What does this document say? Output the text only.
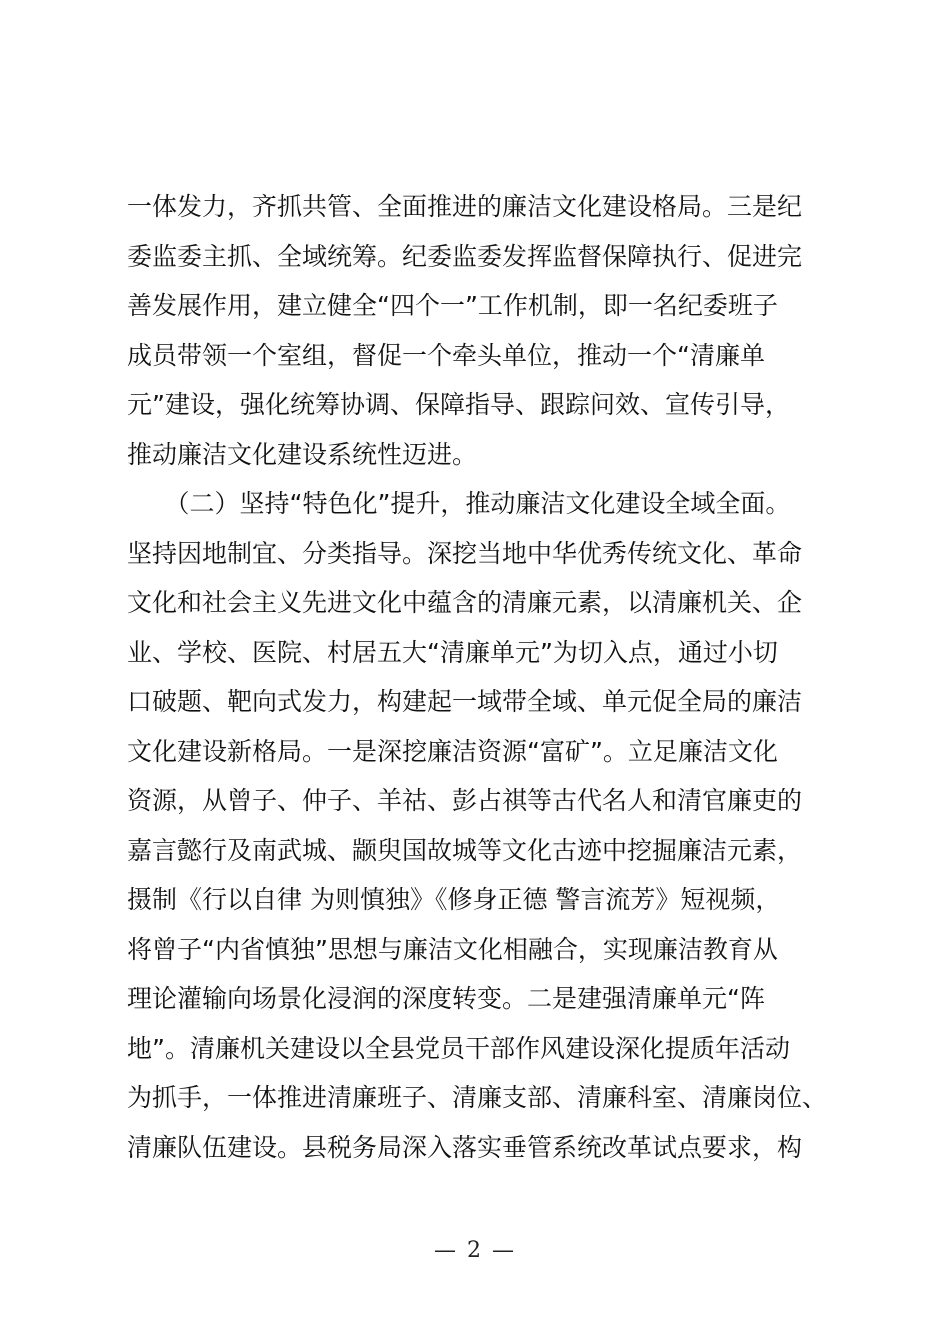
一体发力，齐抓共管、全面推进的廉洁文化建设格局。三是纪
委监委主抓、全域统筹。纪委监委发挥监督保障执行、促进完
善发展作用，建立健全“四个一”工作机制，即一名纪委班子
成员带领一个室组，督促一个牵头单位，推动一个“清廉单
元”建设，强化统筹协调、保障指导、跟踪问效、宣传引导，
推动廉洁文化建设系统性迈进。
　　（二）坚持“特色化”提升，推动廉洁文化建设全域全面。
坚持因地制宜、分类指导。深挖当地中华优秀传统文化、革命
文化和社会主义先进文化中蕴含的清廉元素，以清廉机关、企
业、学校、医院、村居五大“清廉单元”为切入点，通过小切
口破题、靶向式发力，构建起一域带全域、单元促全局的廉洁
文化建设新格局。一是深挖廉洁资源“富矿”。立足廉洁文化
资源，从曾子、仲子、羊祜、彭占祺等古代名人和清官廉吏的
嘉言懿行及南武城、颛臾国故城等文化古迹中挖掘廉洁元素，
摄制《行以自律 为则慎独》《修身正德 警言流芳》短视频，
将曾子“内省慎独”思想与廉洁文化相融合，实现廉洁教育从
理论灌输向场景化浸润的深度转变。二是建强清廉单元“阵
地”。清廉机关建设以全县党员干部作风建设深化提质年活动
为抓手，一体推进清廉班子、清廉支部、清廉科室、清廉岗位、
清廉队伍建设。县税务局深入落实垂管系统改革试点要求，构
— 2 —
